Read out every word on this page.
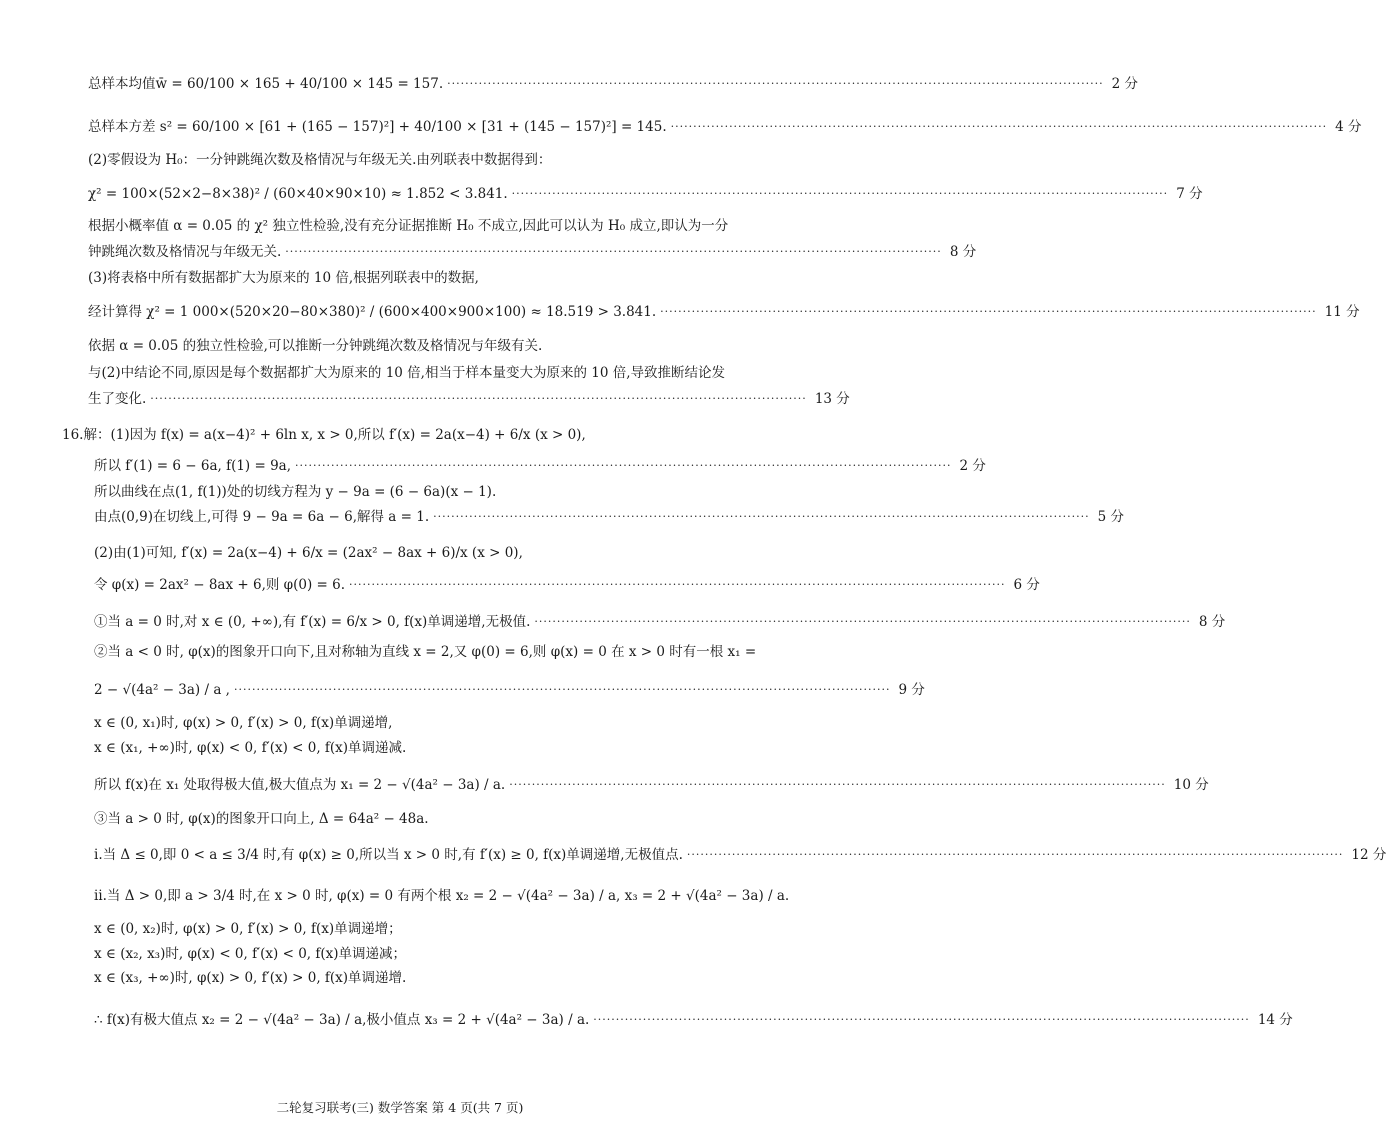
总样本均值w̄ = 60/100 × 165 + 40/100 × 145 = 157. ·····	2 分
总样本方差 s² = 60/100 × [61 + (165 − 157)²] + 40/100 × [31 + (145 − 157)²] = 145. ·····	4 分
(2)零假设为 H₀：一分钟跳绳次数及格情况与年级无关.由列联表中数据得到：
χ² = 100×(52×2−8×38)² / (60×40×90×10) ≈ 1.852 < 3.841. ·····	7 分
根据小概率值 α = 0.05 的 χ² 独立性检验,没有充分证据推断 H₀ 不成立,因此可以认为 H₀ 成立,即认为一分
钟跳绳次数及格情况与年级无关. ·····	8 分
(3)将表格中所有数据都扩大为原来的 10 倍,根据列联表中的数据,
经计算得 χ² = 1 000×(520×20−80×380)² / (600×400×900×100) ≈ 18.519 > 3.841. ·····	11 分
依据 α = 0.05 的独立性检验,可以推断一分钟跳绳次数及格情况与年级有关.
与(2)中结论不同,原因是每个数据都扩大为原来的 10 倍,相当于样本量变大为原来的 10 倍,导致推断结论发
生了变化. ·····	13 分
16.解：(1)因为 f(x) = a(x−4)² + 6ln x, x > 0,所以 f′(x) = 2a(x−4) + 6/x (x > 0),
所以 f′(1) = 6 − 6a, f(1) = 9a, ·····	2 分
所以曲线在点(1, f(1))处的切线方程为 y − 9a = (6 − 6a)(x − 1).
由点(0,9)在切线上,可得 9 − 9a = 6a − 6,解得 a = 1. ·····	5 分
(2)由(1)可知, f′(x) = 2a(x−4) + 6/x = (2ax² − 8ax + 6)/x (x > 0),
令 φ(x) = 2ax² − 8ax + 6,则 φ(0) = 6. ·····	6 分
①当 a = 0 时,对 x ∈ (0, +∞),有 f′(x) = 6/x > 0, f(x)单调递增,无极值. ·····	8 分
②当 a < 0 时, φ(x)的图象开口向下,且对称轴为直线 x = 2,又 φ(0) = 6,则 φ(x) = 0 在 x > 0 时有一根 x₁ =
2 − √(4a² − 3a) / a , ·····	9 分
x ∈ (0, x₁)时, φ(x) > 0, f′(x) > 0, f(x)单调递增,
x ∈ (x₁, +∞)时, φ(x) < 0, f′(x) < 0, f(x)单调递减.
所以 f(x)在 x₁ 处取得极大值,极大值点为 x₁ = 2 − √(4a² − 3a) / a. ·····	10 分
③当 a > 0 时, φ(x)的图象开口向上, Δ = 64a² − 48a.
ⅰ.当 Δ ≤ 0,即 0 < a ≤ 3/4 时,有 φ(x) ≥ 0,所以当 x > 0 时,有 f′(x) ≥ 0, f(x)单调递增,无极值点. ·····	12 分
ⅱ.当 Δ > 0,即 a > 3/4 时,在 x > 0 时, φ(x) = 0 有两个根 x₂ = 2 − √(4a² − 3a) / a, x₃ = 2 + √(4a² − 3a) / a.
x ∈ (0, x₂)时, φ(x) > 0, f′(x) > 0, f(x)单调递增；
x ∈ (x₂, x₃)时, φ(x) < 0, f′(x) < 0, f(x)单调递减；
x ∈ (x₃, +∞)时, φ(x) > 0, f′(x) > 0, f(x)单调递增.
∴ f(x)有极大值点 x₂ = 2 − √(4a² − 3a) / a,极小值点 x₃ = 2 + √(4a² − 3a) / a. ·····	14 分
二轮复习联考(三) 数学答案 第 4 页(共 7 页)
